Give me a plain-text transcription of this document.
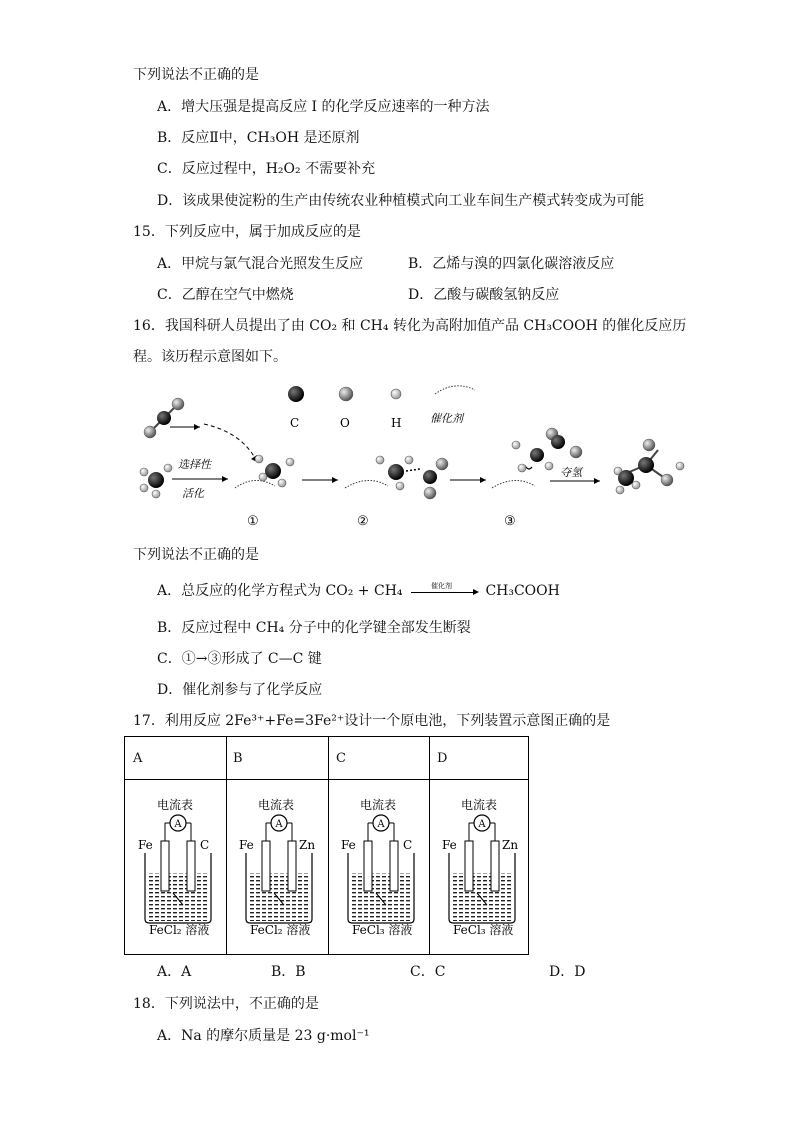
下列说法不正确的是
A．增大压强是提高反应 I 的化学反应速率的一种方法
B．反应Ⅱ中，CH₃OH 是还原剂
C．反应过程中，H₂O₂ 不需要补充
D．该成果使淀粉的生产由传统农业种植模式向工业车间生产模式转变成为可能
15．下列反应中，属于加成反应的是
A．甲烷与氯气混合光照发生反应	B．乙烯与溴的四氯化碳溶液反应
C．乙醇在空气中燃烧	D．乙酸与碳酸氢钠反应
16．我国科研人员提出了由 CO₂ 和 CH₄ 转化为高附加值产品 CH₃COOH 的催化反应历
程。该历程示意图如下。
C	O	H	催化剂
选择性
活化
①	②	③
夺氢
下列说法不正确的是
A．总反应的化学方程式为 CO₂ + CH₄	催化剂 CH₃COOH
B．反应过程中 CH₄ 分子中的化学键全部发生断裂
C．①→③形成了 C—C 键
D．催化剂参与了化学反应
17．利用反应 2Fe³⁺+Fe=3Fe²⁺设计一个原电池，下列装置示意图正确的是
A	B	C	D
A
电流表
Fe	C
FeCl₂ 溶液
A
电流表
Fe	Zn
FeCl₂ 溶液
A
电流表
Fe	C
FeCl₃ 溶液
A
电流表
Fe	Zn
FeCl₃ 溶液
A．A	B．B	C．C	D．D
18．下列说法中，不正确的是
A．Na 的摩尔质量是 23 g·mol⁻¹
